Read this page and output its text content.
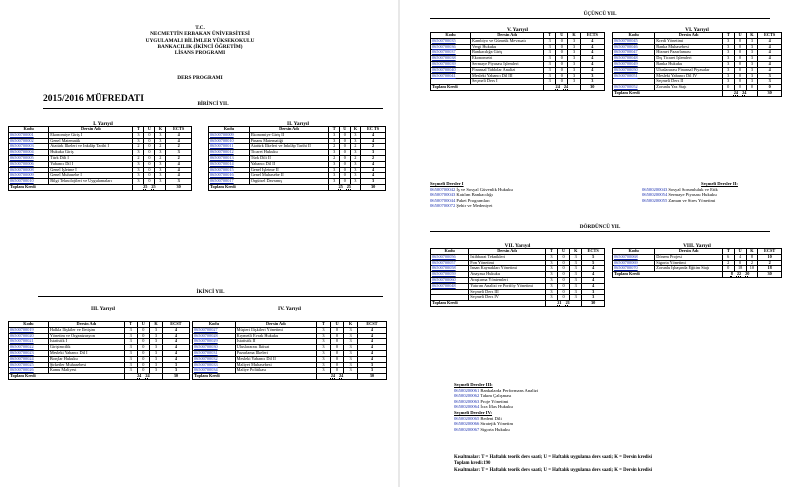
T.C.
NECMETTİN ERBAKAN ÜNİVERSİTESİ
UYGULAMALI BİLİMLER YÜKSEKOKULU
BANKACILIK (İKİNCİ ÖĞRETİM)
LİSANS PROGRAMI
DERS PROGRAMI
2015/2016 MÜFREDATI	BİRİNCİ YIL
I. Yarıyıl
Kodu	Dersin Adı	T	U	K	ECTS
06500700001	Ekonomiye Giriş I	3	0	3	4
06500700002	Genel Matematik	3	0	3	4
06500700003	Atatürk İlkeleri ve İnkılâp Tarihi I	2	0	2	2
06500700004	Hukuka Giriş	3	0	3	3
06500700005	Türk Dili I	2	0	2	2
06500700006	Yabancı Dil I	3	0	3	4
06500700008	Genel İşletme I	3	0	3	4
06500700009	Genel Muhasebe I	3	0	3	4
06500700010	Bilgi Teknolojileri ve Uygulamaları	3	0	3	3
Toplam Kredi		25 25			30
II. Yarıyıl
Kodu	Dersin Adı	T	U	K	EC TS
06500700009	Ekonomiye Giriş II	3	0	3	4
06500700010	Finans Matematiği	3	0	3	4
06500700011	Atatürk İlkeleri ve İnkılâp Tarihi II	2	0	2	2
06500700012	Ticaret Hukuku	3	0	3	3
06500700013	Türk Dili II	2	0	2	2
06500700014	Yabancı Dil II	3	0	3	4
06500700015	Genel İşletme II	3	0	3	4
06500700016	Genel Muhasebe II	3	0	3	4
06500700017	Örgütsel Davranış	3	0	3	3
Toplam Kredi		25 25			30
İKİNCİ YIL
III. Yarıyıl
Kodu	Dersin Adı	T	U	K	ECST
06500700019	Halkla İlişkiler ve İletişim	3	0	3	4
06500700020	Yönetim ve Organizasyon	3	0	3	4
06500700021	İstatistik I	3	0	3	4
06500700022	Girişimcilik	3	0	3	4
06500700023	Mesleki Yabancı Dil I	3	0	3	4
06500700024	Borçlar Hukuku	3	0	3	4
06500700025	Şirketler Muhasebesi	3	0	3	3
06500700026	Kamu Maliyesi	3	0	3	3
Toplam Kredi		24 24			30
IV. Yarıyıl
Kodu	Dersin Adı	T	U	K	ECST
06500700027	Müşteri İlişkileri Yönetimi	3	0	3	4
06500700028	Kıymetli Evrak Hukuku	3	0	3	4
06500700029	İstatistik II	3	0	3	4
06500700030	Uluslararası İktisat	3	0	3	4
06500700031	Pazarlama İlkeleri	3	0	3	4
06500700032	Mesleki Yabancı Dil II	3	0	3	4
06500700033	Maliyet Muhasebesi	3	0	3	3
06500700034	Maliye Politikası	3	0	3	3
Toplam Kredi		24 24			30
ÜÇÜNCÜ YIL
V. Yarıyıl
Kodu	Dersin Adı	T	U	K	ECTS
06500700035	Kambiyo ve Gümrük Mevzuatı	3	0	3	4
06500700036	Vergi Hukuku	3	0	3	4
06500700037	Bankacılığa Giriş	3	0	3	4
06500700038	Ekonometri	3	0	3	4
06500700039	Sermaye Piyasası İşlemleri	3	0	3	4
06500700040	Finansal Tablolar Analizi	3	0	3	4
06500700041	Mesleki Yabancı Dil III	3	0	3	3
	Seçmeli Ders I	3	0	3	3
Toplam Kredi		24 24			30
VI. Yarıyıl
Kodu	Dersin Adı	T	U	K	ECTS
06500700045	Kredi Yönetimi	3	0	3	4
06500700046	Banka Muhasebesi	3	0	3	4
06500700047	Hizmet Pazarlaması	3	0	3	4
06500700048	Dış Ticaret İşlemleri	3	0	3	4
06500700049	Banka Hukuku	3	0	3	4
06500700050	Uluslararası Finansal Piyasalar	3	0	3	4
06500700051	Mesleki Yabancı Dil IV	3	0	3	3
	Seçmeli Ders II	3	0	3	3
06500700052	Zorunlu Yaz Stajı	0	0	0	0
Toplam Kredi		24 24			30
Seçmeli Dersler I
06500700042 İş ve Sosyal Güvenlik Hukuku
06500700043 Katılım Bankacılığı
06500700044 Paket Programları
06500700072 Şehir ve Medeniyet
Seçmeli Dersler II:
06500200043 Sosyal Sorumluluk ve Etik
06500200054 Sermaye Piyasası Hukuku
06500200055 Zaman ve Stres Yönetimi
DÖRDÜNCÜ YIL
VII. Yarıyıl
Kodu	Dersin Adı	T	U	K	ECTS
06500700056	İstihbarat Teknikleri	3	0	3	5
06500700057	Fon Yönetimi	3	0	3	5
06500700058	İnsan Kaynakları Yönetimi	3	0	3	4
06500700059	Anayasa Hukuku	3	0	3	4
06500700060	Araştırma Yöntemleri	3	0	3	4
06500700048	Yatırım Analizi ve Portföy Yönetimi	3	0	3	4
	Seçmeli Ders III	3	0	3	3
	Seçmeli Ders IV	3	0	3	3
Toplam Kredi		21 21			30
VIII. Yarıyıl
Kodu	Dersin Adı	T	U	K	ECST
06500700068	Dönem Projesi	6	4	8	10
06500700069	Sigorta Yönetimi	2	0	2	2
06500700070	Zorunlu İşbaşında Eğitim Stajı	0	18	10	18
Toplam Kredi		8 22 20			30
Seçmeli Dersler III:
06500200061 Bankalarda Performans Analizi
06500200062 Takım Çalışması
06500200063 Proje Yönetimi
06500200064 İcra İflas Hukuku
Seçmeli Dersler IV:
06500200065 Bedeni Dili
06500200066 Stratejik Yönetim
06500200067 Sigorta Hukuku
Kısaltmalar: T = Haftalık teorik ders saati; U = Haftalık uygulama ders saati; K = Dersin kredisi
Toplam kredi:190
Kısaltmalar: T = Haftalık teorik ders saati; U = Haftalık uygulama ders saati; K = Dersin kredisi
